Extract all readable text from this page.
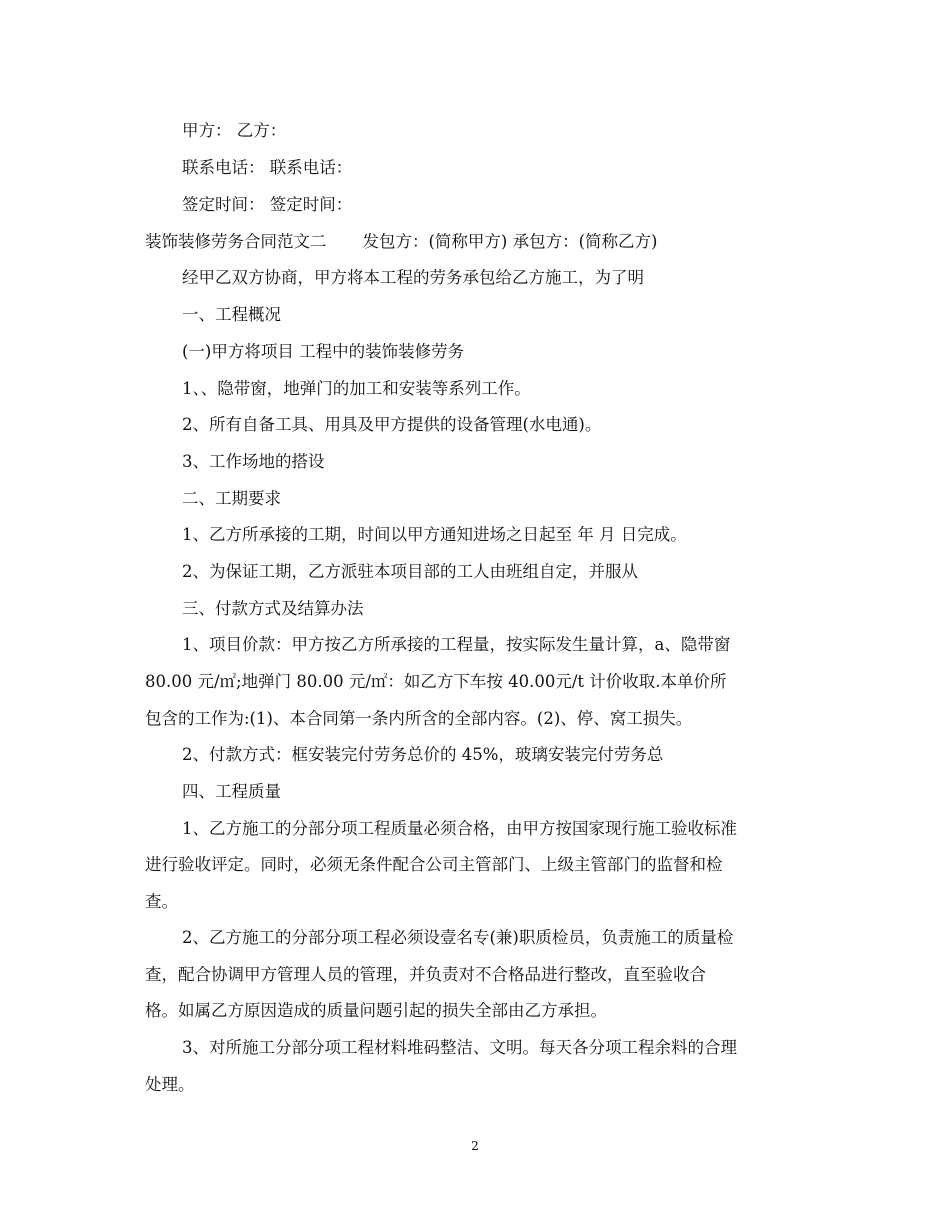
甲方： 乙方：
联系电话： 联系电话：
签定时间： 签定时间：
装饰装修劳务合同范文二 发包方：(简称甲方) 承包方：(简称乙方)
经甲乙双方协商，甲方将本工程的劳务承包给乙方施工，为了明
一、工程概况
(一)甲方将项目 工程中的装饰装修劳务
1、、隐带窗，地弹门的加工和安装等系列工作。
2、所有自备工具、用具及甲方提供的设备管理(水电通)。
3、工作场地的搭设
二、工期要求
1、乙方所承接的工期，时间以甲方通知进场之日起至 年 月 日完成。
2、为保证工期，乙方派驻本项目部的工人由班组自定，并服从
三、付款方式及结算办法
1、项目价款：甲方按乙方所承接的工程量，按实际发生量计算，a、隐带窗
80.00 元/㎡;地弹门 80.00 元/㎡：如乙方下车按 40.00元/t 计价收取.本单价所
包含的工作为:(1)、本合同第一条内所含的全部内容。(2)、停、窝工损失。
2、付款方式：框安装完付劳务总价的 45%，玻璃安装完付劳务总
四、工程质量
1、乙方施工的分部分项工程质量必须合格，由甲方按国家现行施工验收标准
进行验收评定。同时，必须无条件配合公司主管部门、上级主管部门的监督和检
查。
2、乙方施工的分部分项工程必须设壹名专(兼)职质检员，负责施工的质量检
查，配合协调甲方管理人员的管理，并负责对不合格品进行整改，直至验收合
格。如属乙方原因造成的质量问题引起的损失全部由乙方承担。
3、对所施工分部分项工程材料堆码整洁、文明。每天各分项工程余料的合理
处理。
2
